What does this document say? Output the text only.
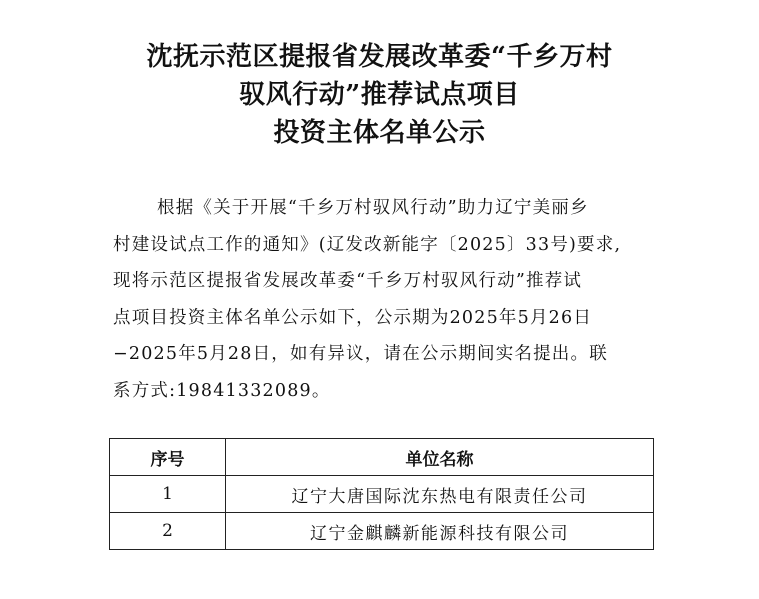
沈抚示范区提报省发展改革委“千乡万村
驭风行动”推荐试点项目
投资主体名单公示
根据《关于开展“千乡万村驭风行动”助力辽宁美丽乡
村建设试点工作的通知》(辽发改新能字〔2025〕33号)要求,
现将示范区提报省发展改革委“千乡万村驭风行动”推荐试
点项目投资主体名单公示如下，公示期为2025年5月26日
−2025年5月28日，如有异议，请在公示期间实名提出。联
系方式:19841332089。
序号	单位名称
1	辽宁大唐国际沈东热电有限责任公司
2	辽宁金麒麟新能源科技有限公司
